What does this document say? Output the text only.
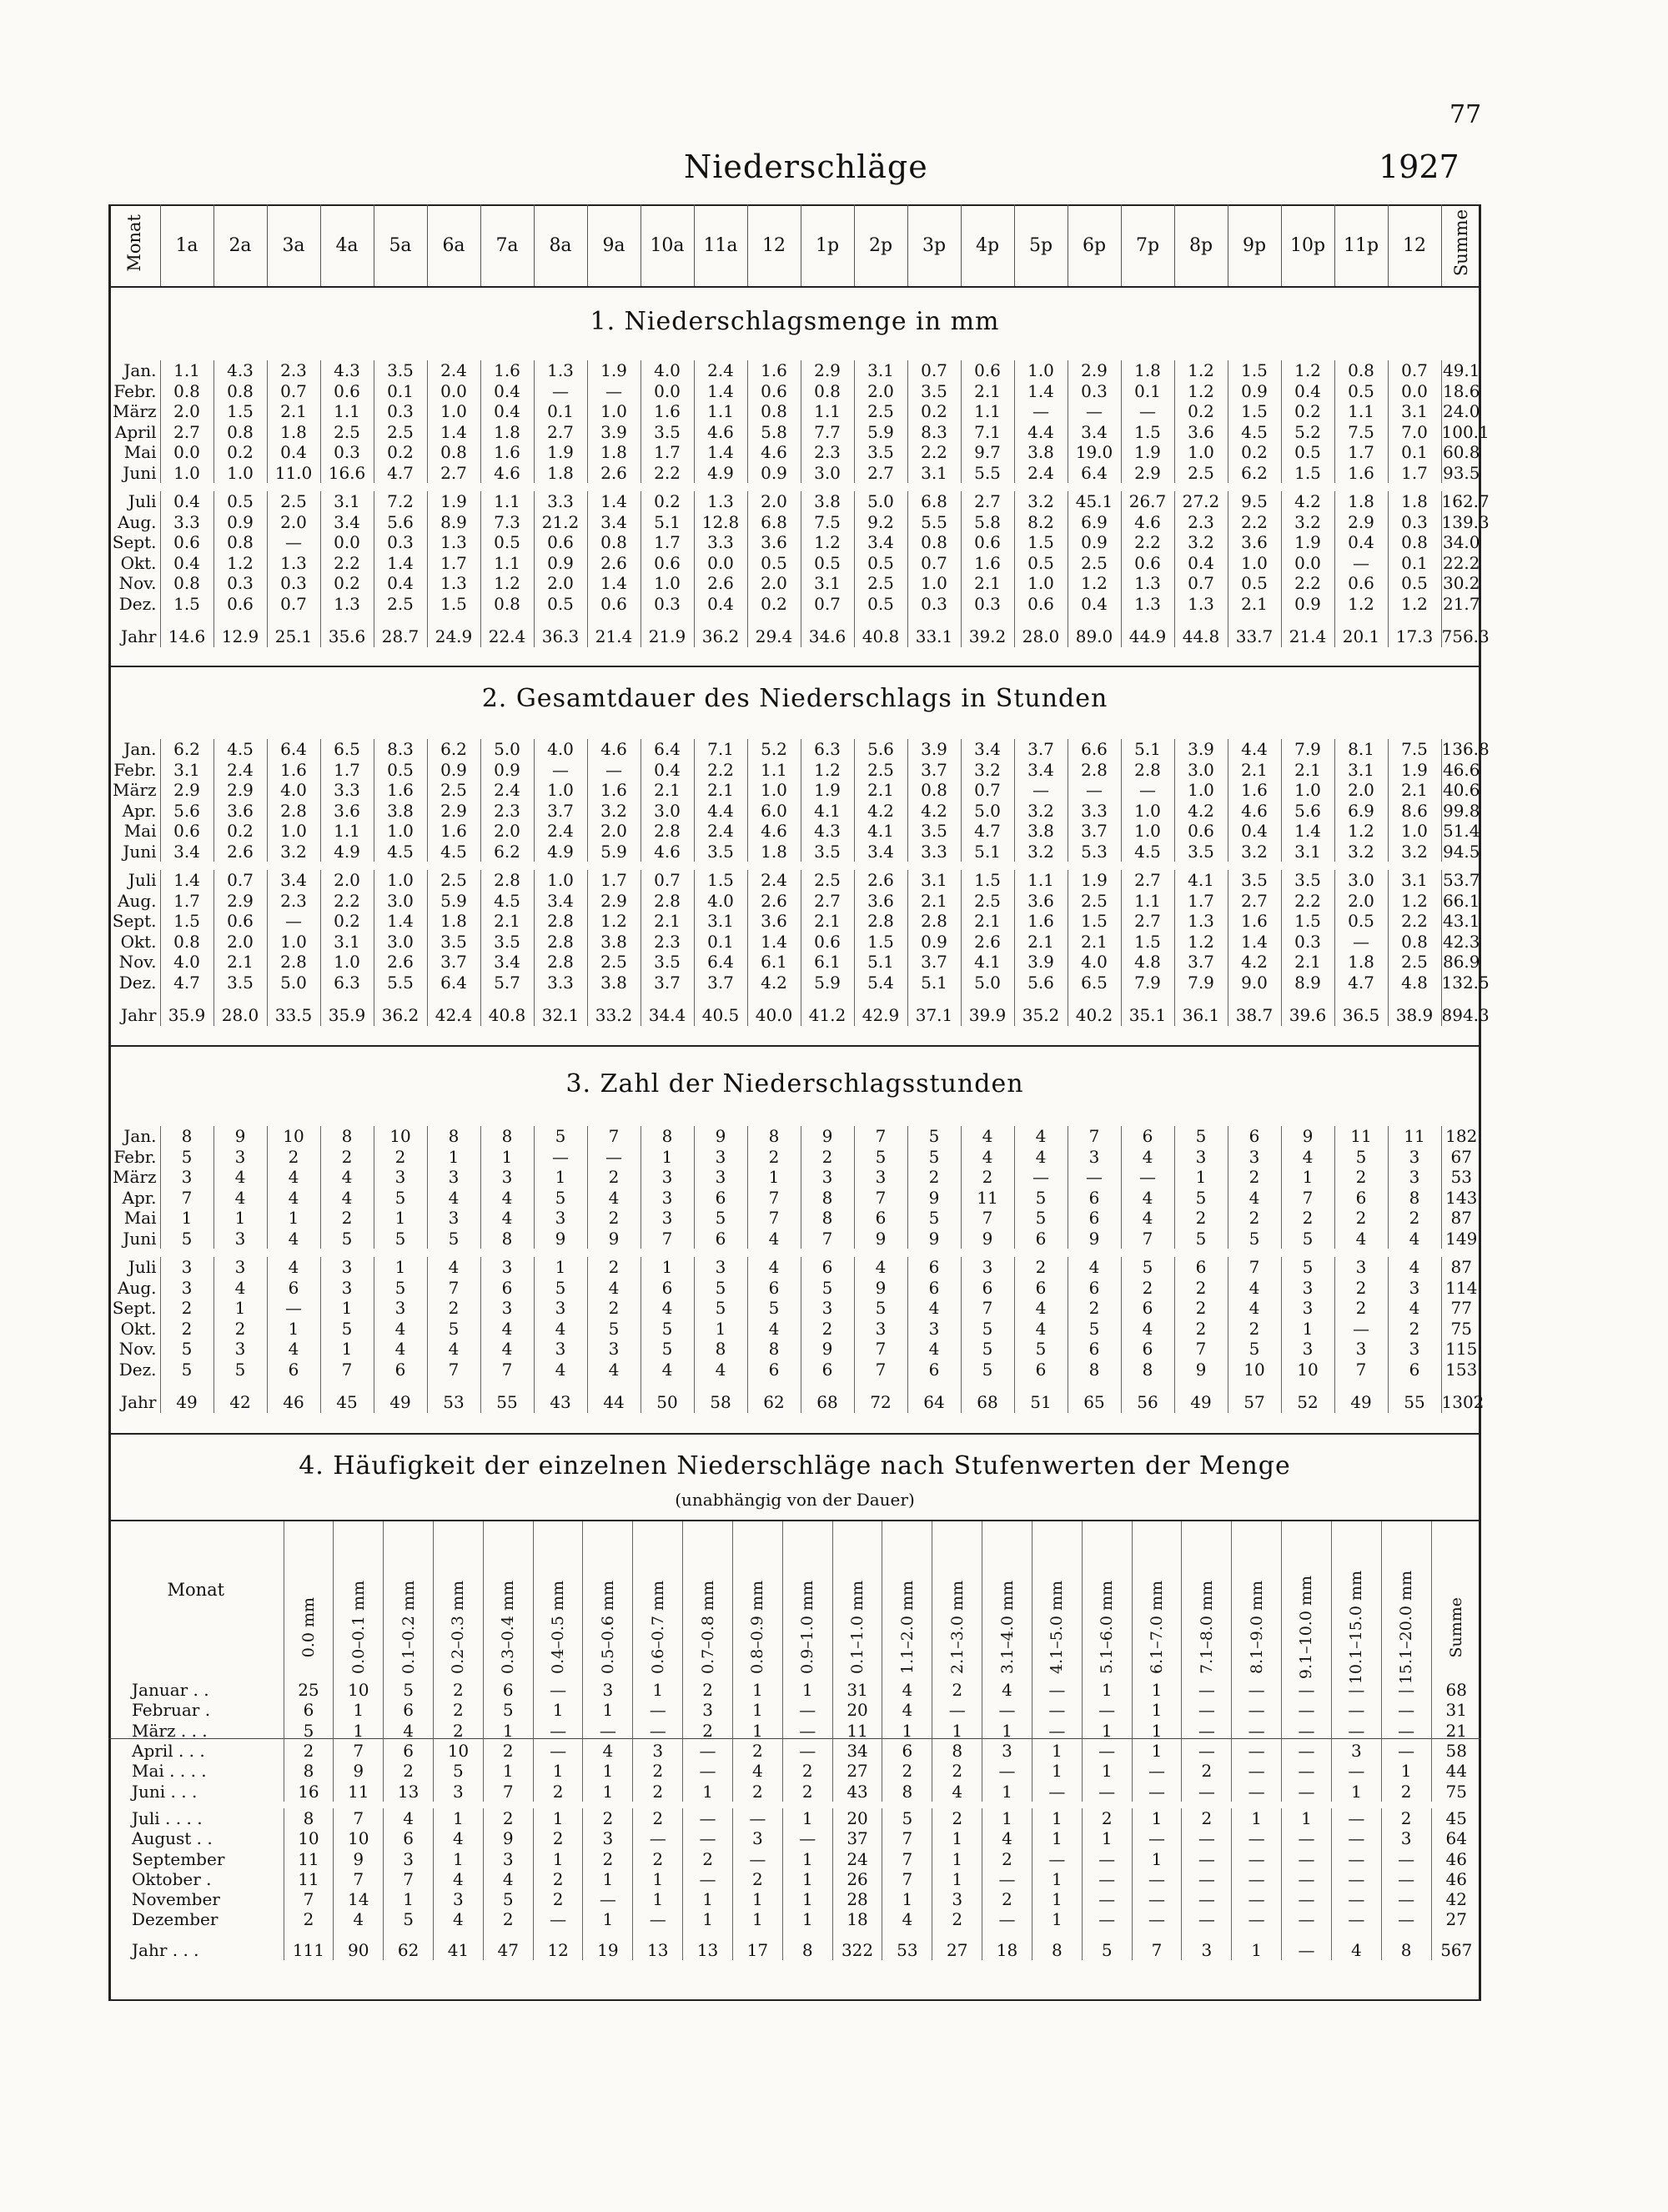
77
Niederschläge	1927
Monat	1a	2a	3a	4a	5a	6a	7a	8a	9a	10a	11a	12	1p	2p	3p	4p	5p	6p	7p	8p	9p	10p	11p	12	Summe
1. Niederschlagsmenge in mm
Jan.	1.1	4.3	2.3	4.3	3.5	2.4	1.6	1.3	1.9	4.0	2.4	1.6	2.9	3.1	0.7	0.6	1.0	2.9	1.8	1.2	1.5	1.2	0.8	0.7	49.1
Febr.	0.8	0.8	0.7	0.6	0.1	0.0	0.4	—	—	0.0	1.4	0.6	0.8	2.0	3.5	2.1	1.4	0.3	0.1	1.2	0.9	0.4	0.5	0.0	18.6
März	2.0	1.5	2.1	1.1	0.3	1.0	0.4	0.1	1.0	1.6	1.1	0.8	1.1	2.5	0.2	1.1	—	—	—	0.2	1.5	0.2	1.1	3.1	24.0
April	2.7	0.8	1.8	2.5	2.5	1.4	1.8	2.7	3.9	3.5	4.6	5.8	7.7	5.9	8.3	7.1	4.4	3.4	1.5	3.6	4.5	5.2	7.5	7.0	100.1
Mai	0.0	0.2	0.4	0.3	0.2	0.8	1.6	1.9	1.8	1.7	1.4	4.6	2.3	3.5	2.2	9.7	3.8	19.0	1.9	1.0	0.2	0.5	1.7	0.1	60.8
Juni	1.0	1.0	11.0	16.6	4.7	2.7	4.6	1.8	2.6	2.2	4.9	0.9	3.0	2.7	3.1	5.5	2.4	6.4	2.9	2.5	6.2	1.5	1.6	1.7	93.5

Juli	0.4	0.5	2.5	3.1	7.2	1.9	1.1	3.3	1.4	0.2	1.3	2.0	3.8	5.0	6.8	2.7	3.2	45.1	26.7	27.2	9.5	4.2	1.8	1.8	162.7
Aug.	3.3	0.9	2.0	3.4	5.6	8.9	7.3	21.2	3.4	5.1	12.8	6.8	7.5	9.2	5.5	5.8	8.2	6.9	4.6	2.3	2.2	3.2	2.9	0.3	139.3
Sept.	0.6	0.8	—	0.0	0.3	1.3	0.5	0.6	0.8	1.7	3.3	3.6	1.2	3.4	0.8	0.6	1.5	0.9	2.2	3.2	3.6	1.9	0.4	0.8	34.0
Okt.	0.4	1.2	1.3	2.2	1.4	1.7	1.1	0.9	2.6	0.6	0.0	0.5	0.5	0.5	0.7	1.6	0.5	2.5	0.6	0.4	1.0	0.0	—	0.1	22.2
Nov.	0.8	0.3	0.3	0.2	0.4	1.3	1.2	2.0	1.4	1.0	2.6	2.0	3.1	2.5	1.0	2.1	1.0	1.2	1.3	0.7	0.5	2.2	0.6	0.5	30.2
Dez.	1.5	0.6	0.7	1.3	2.5	1.5	0.8	0.5	0.6	0.3	0.4	0.2	0.7	0.5	0.3	0.3	0.6	0.4	1.3	1.3	2.1	0.9	1.2	1.2	21.7
Jahr	14.6	12.9	25.1	35.6	28.7	24.9	22.4	36.3	21.4	21.9	36.2	29.4	34.6	40.8	33.1	39.2	28.0	89.0	44.9	44.8	33.7	21.4	20.1	17.3	756.3
2. Gesamtdauer des Niederschlags in Stunden
Jan.	6.2	4.5	6.4	6.5	8.3	6.2	5.0	4.0	4.6	6.4	7.1	5.2	6.3	5.6	3.9	3.4	3.7	6.6	5.1	3.9	4.4	7.9	8.1	7.5	136.8
Febr.	3.1	2.4	1.6	1.7	0.5	0.9	0.9	—	—	0.4	2.2	1.1	1.2	2.5	3.7	3.2	3.4	2.8	2.8	3.0	2.1	2.1	3.1	1.9	46.6
März	2.9	2.9	4.0	3.3	1.6	2.5	2.4	1.0	1.6	2.1	2.1	1.0	1.9	2.1	0.8	0.7	—	—	—	1.0	1.6	1.0	2.0	2.1	40.6
Apr.	5.6	3.6	2.8	3.6	3.8	2.9	2.3	3.7	3.2	3.0	4.4	6.0	4.1	4.2	4.2	5.0	3.2	3.3	1.0	4.2	4.6	5.6	6.9	8.6	99.8
Mai	0.6	0.2	1.0	1.1	1.0	1.6	2.0	2.4	2.0	2.8	2.4	4.6	4.3	4.1	3.5	4.7	3.8	3.7	1.0	0.6	0.4	1.4	1.2	1.0	51.4
Juni	3.4	2.6	3.2	4.9	4.5	4.5	6.2	4.9	5.9	4.6	3.5	1.8	3.5	3.4	3.3	5.1	3.2	5.3	4.5	3.5	3.2	3.1	3.2	3.2	94.5

Juli	1.4	0.7	3.4	2.0	1.0	2.5	2.8	1.0	1.7	0.7	1.5	2.4	2.5	2.6	3.1	1.5	1.1	1.9	2.7	4.1	3.5	3.5	3.0	3.1	53.7
Aug.	1.7	2.9	2.3	2.2	3.0	5.9	4.5	3.4	2.9	2.8	4.0	2.6	2.7	3.6	2.1	2.5	3.6	2.5	1.1	1.7	2.7	2.2	2.0	1.2	66.1
Sept.	1.5	0.6	—	0.2	1.4	1.8	2.1	2.8	1.2	2.1	3.1	3.6	2.1	2.8	2.8	2.1	1.6	1.5	2.7	1.3	1.6	1.5	0.5	2.2	43.1
Okt.	0.8	2.0	1.0	3.1	3.0	3.5	3.5	2.8	3.8	2.3	0.1	1.4	0.6	1.5	0.9	2.6	2.1	2.1	1.5	1.2	1.4	0.3	—	0.8	42.3
Nov.	4.0	2.1	2.8	1.0	2.6	3.7	3.4	2.8	2.5	3.5	6.4	6.1	6.1	5.1	3.7	4.1	3.9	4.0	4.8	3.7	4.2	2.1	1.8	2.5	86.9
Dez.	4.7	3.5	5.0	6.3	5.5	6.4	5.7	3.3	3.8	3.7	3.7	4.2	5.9	5.4	5.1	5.0	5.6	6.5	7.9	7.9	9.0	8.9	4.7	4.8	132.5
Jahr	35.9	28.0	33.5	35.9	36.2	42.4	40.8	32.1	33.2	34.4	40.5	40.0	41.2	42.9	37.1	39.9	35.2	40.2	35.1	36.1	38.7	39.6	36.5	38.9	894.3
3. Zahl der Niederschlagsstunden
Jan.	8	9	10	8	10	8	8	5	7	8	9	8	9	7	5	4	4	7	6	5	6	9	11	11	182
Febr.	5	3	2	2	2	1	1	—	—	1	3	2	2	5	5	4	4	3	4	3	3	4	5	3	67
März	3	4	4	4	3	3	3	1	2	3	3	1	3	3	2	2	—	—	—	1	2	1	2	3	53
Apr.	7	4	4	4	5	4	4	5	4	3	6	7	8	7	9	11	5	6	4	5	4	7	6	8	143
Mai	1	1	1	2	1	3	4	3	2	3	5	7	8	6	5	7	5	6	4	2	2	2	2	2	87
Juni	5	3	4	5	5	5	8	9	9	7	6	4	7	9	9	9	6	9	7	5	5	5	4	4	149

Juli	3	3	4	3	1	4	3	1	2	1	3	4	6	4	6	3	2	4	5	6	7	5	3	4	87
Aug.	3	4	6	3	5	7	6	5	4	6	5	6	5	9	6	6	6	6	2	2	4	3	2	3	114
Sept.	2	1	—	1	3	2	3	3	2	4	5	5	3	5	4	7	4	2	6	2	4	3	2	4	77
Okt.	2	2	1	5	4	5	4	4	5	5	1	4	2	3	3	5	4	5	4	2	2	1	—	2	75
Nov.	5	3	4	1	4	4	4	3	3	5	8	8	9	7	4	5	5	6	6	7	5	3	3	3	115
Dez.	5	5	6	7	6	7	7	4	4	4	4	6	6	7	6	5	6	8	8	9	10	10	7	6	153
Jahr	49	42	46	45	49	53	55	43	44	50	58	62	68	72	64	68	51	65	56	49	57	52	49	55	1302
4. Häufigkeit der einzelnen Niederschläge nach Stufenwerten der Menge
(unabhängig von der Dauer)
Monat	0.0 mm	0.0–0.1 mm	0.1–0.2 mm	0.2–0.3 mm	0.3–0.4 mm	0.4–0.5 mm	0.5–0.6 mm	0.6–0.7 mm	0.7–0.8 mm	0.8–0.9 mm	0.9–1.0 mm	0.1–1.0 mm	1.1–2.0 mm	2.1–3.0 mm	3.1–4.0 mm	4.1–5.0 mm	5.1–6.0 mm	6.1–7.0 mm	7.1–8.0 mm	8.1–9.0 mm	9.1–10.0 mm	10.1–15.0 mm	15.1–20.0 mm	Summe
Januar . .	25	10	5	2	6	—	3	1	2	1	1	31	4	2	4	—	1	1	—	—	—	—	—	68
Februar .	6	1	6	2	5	1	1	—	3	1	—	20	4	—	—	—	—	1	—	—	—	—	—	31
März . . .	5	1	4	2	1	—	—	—	2	1	—	11	1	1	1	—	1	1	—	—	—	—	—	21
April . . .	2	7	6	10	2	—	4	3	—	2	—	34	6	8	3	1	—	1	—	—	—	3	—	58
Mai . . . .	8	9	2	5	1	1	1	2	—	4	2	27	2	2	—	1	1	—	2	—	—	—	1	44
Juni . . .	16	11	13	3	7	2	1	2	1	2	2	43	8	4	1	—	—	—	—	—	—	1	2	75

Juli . . . .	8	7	4	1	2	1	2	2	—	—	1	20	5	2	1	1	2	1	2	1	1	—	2	45
August . .	10	10	6	4	9	2	3	—	—	3	—	37	7	1	4	1	1	—	—	—	—	—	3	64
September	11	9	3	1	3	1	2	2	2	—	1	24	7	1	2	—	—	1	—	—	—	—	—	46
Oktober .	11	7	7	4	4	2	1	1	—	2	1	26	7	1	—	1	—	—	—	—	—	—	—	46
November	7	14	1	3	5	2	—	1	1	1	1	28	1	3	2	1	—	—	—	—	—	—	—	42
Dezember	2	4	5	4	2	—	1	—	1	1	1	18	4	2	—	1	—	—	—	—	—	—	—	27
Jahr . . .	111	90	62	41	47	12	19	13	13	17	8	322	53	27	18	8	5	7	3	1	—	4	8	567
